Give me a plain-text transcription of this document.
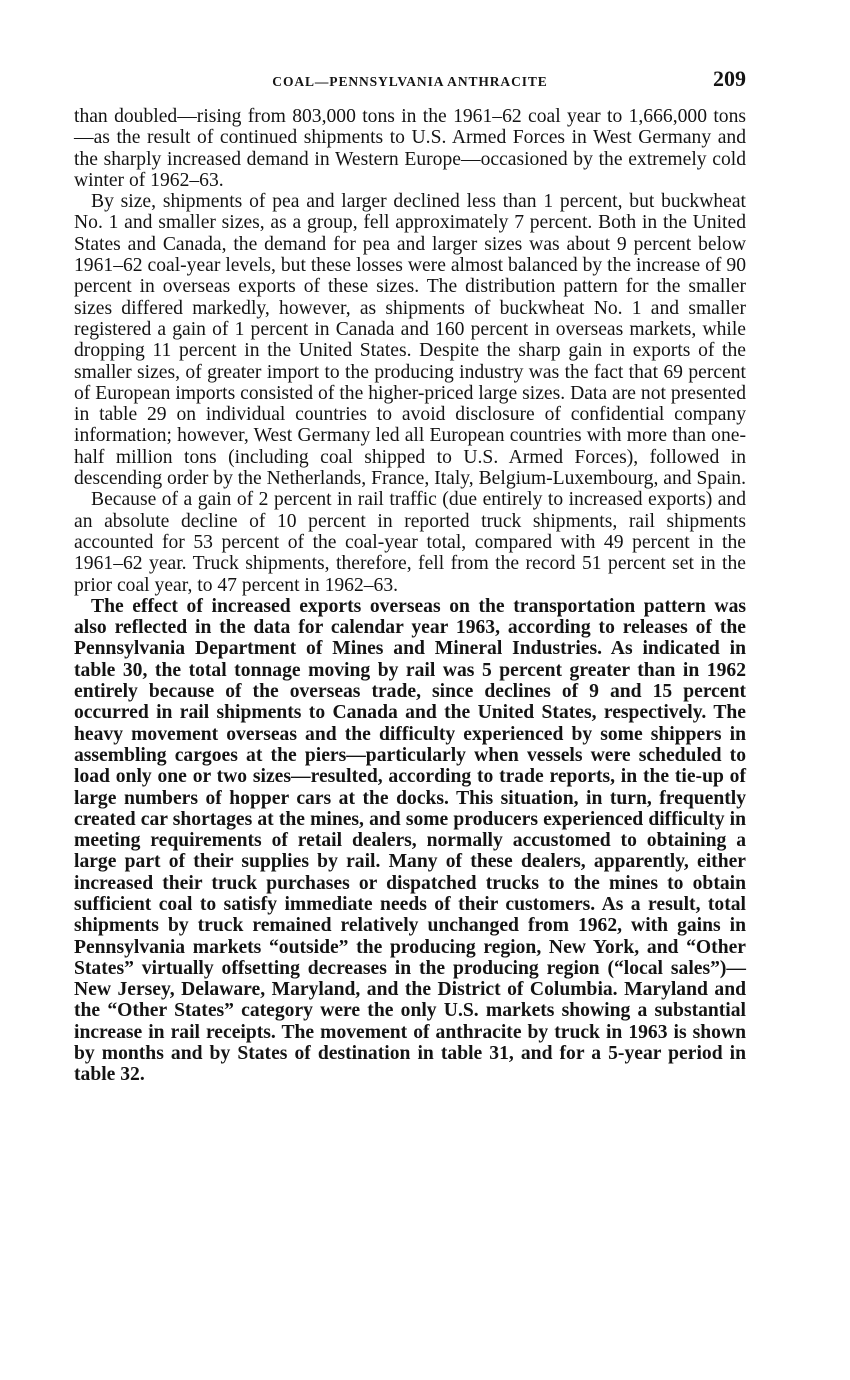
COAL—PENNSYLVANIA ANTHRACITE	209

than doubled—rising from 803,000 tons in the 1961–62 coal year to 1,666,000 tons—as the result of continued shipments to U.S. Armed Forces in West Germany and the sharply increased demand in Western Europe—occasioned by the extremely cold winter of 1962–63.

By size, shipments of pea and larger declined less than 1 percent, but buckwheat No. 1 and smaller sizes, as a group, fell approximately 7 percent. Both in the United States and Canada, the demand for pea and larger sizes was about 9 percent below 1961–62 coal-year levels, but these losses were almost balanced by the increase of 90 percent in overseas exports of these sizes. The distribution pattern for the smaller sizes differed markedly, however, as shipments of buckwheat No. 1 and smaller registered a gain of 1 percent in Canada and 160 percent in overseas markets, while dropping 11 percent in the United States. Despite the sharp gain in exports of the smaller sizes, of greater import to the producing industry was the fact that 69 percent of European imports consisted of the higher-priced large sizes. Data are not presented in table 29 on individual countries to avoid disclosure of confidential company information; however, West Germany led all European countries with more than one-half million tons (including coal shipped to U.S. Armed Forces), followed in descending order by the Netherlands, France, Italy, Belgium-Luxembourg, and Spain.

Because of a gain of 2 percent in rail traffic (due entirely to increased exports) and an absolute decline of 10 percent in reported truck shipments, rail shipments accounted for 53 percent of the coal-year total, compared with 49 percent in the 1961–62 year. Truck shipments, therefore, fell from the record 51 percent set in the prior coal year, to 47 percent in 1962–63.

The effect of increased exports overseas on the transportation pattern was also reflected in the data for calendar year 1963, according to releases of the Pennsylvania Department of Mines and Mineral Industries. As indicated in table 30, the total tonnage moving by rail was 5 percent greater than in 1962 entirely because of the overseas trade, since declines of 9 and 15 percent occurred in rail shipments to Canada and the United States, respectively. The heavy movement overseas and the difficulty experienced by some shippers in assembling cargoes at the piers—particularly when vessels were scheduled to load only one or two sizes—resulted, according to trade reports, in the tie-up of large numbers of hopper cars at the docks. This situation, in turn, frequently created car shortages at the mines, and some producers experienced difficulty in meeting requirements of retail dealers, normally accustomed to obtaining a large part of their supplies by rail. Many of these dealers, apparently, either increased their truck purchases or dispatched trucks to the mines to obtain sufficient coal to satisfy immediate needs of their customers. As a result, total shipments by truck remained relatively unchanged from 1962, with gains in Pennsylvania markets “outside” the producing region, New York, and “Other States” virtually offsetting decreases in the producing region (“local sales”)—New Jersey, Delaware, Maryland, and the District of Columbia. Maryland and the “Other States” category were the only U.S. markets showing a substantial increase in rail receipts. The movement of anthracite by truck in 1963 is shown by months and by States of destination in table 31, and for a 5-year period in table 32.
